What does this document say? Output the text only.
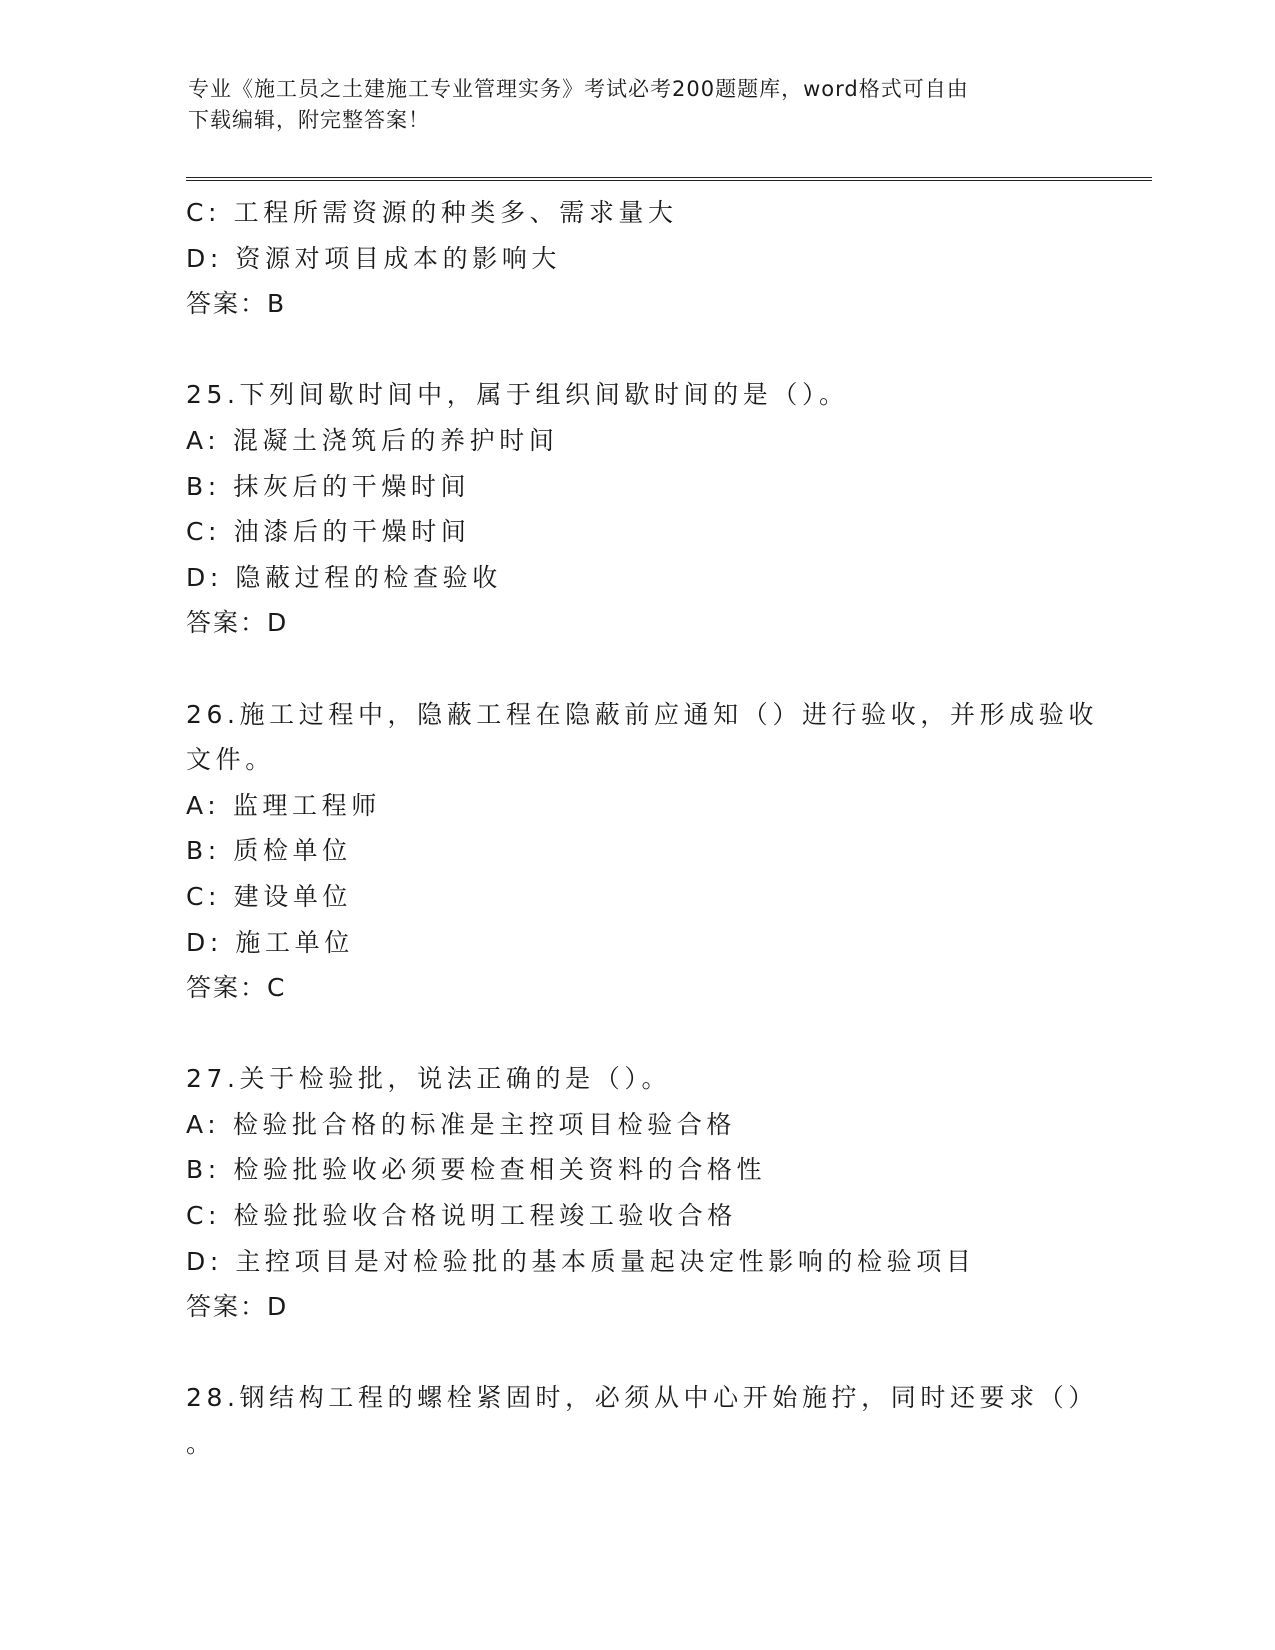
专业《施工员之土建施工专业管理实务》考试必考200题题库，word格式可自由
下载编辑，附完整答案！
C: 工程所需资源的种类多、需求量大
D: 资源对项目成本的影响大
答案：B
25.下列间歇时间中，属于组织间歇时间的是（）。
A: 混凝土浇筑后的养护时间
B: 抹灰后的干燥时间
C: 油漆后的干燥时间
D: 隐蔽过程的检查验收
答案：D
26.施工过程中，隐蔽工程在隐蔽前应通知（）进行验收，并形成验收
文件。
A: 监理工程师
B: 质检单位
C: 建设单位
D: 施工单位
答案：C
27.关于检验批，说法正确的是（）。
A: 检验批合格的标准是主控项目检验合格
B: 检验批验收必须要检查相关资料的合格性
C: 检验批验收合格说明工程竣工验收合格
D: 主控项目是对检验批的基本质量起决定性影响的检验项目
答案：D
28.钢结构工程的螺栓紧固时，必须从中心开始施拧，同时还要求（）
。
